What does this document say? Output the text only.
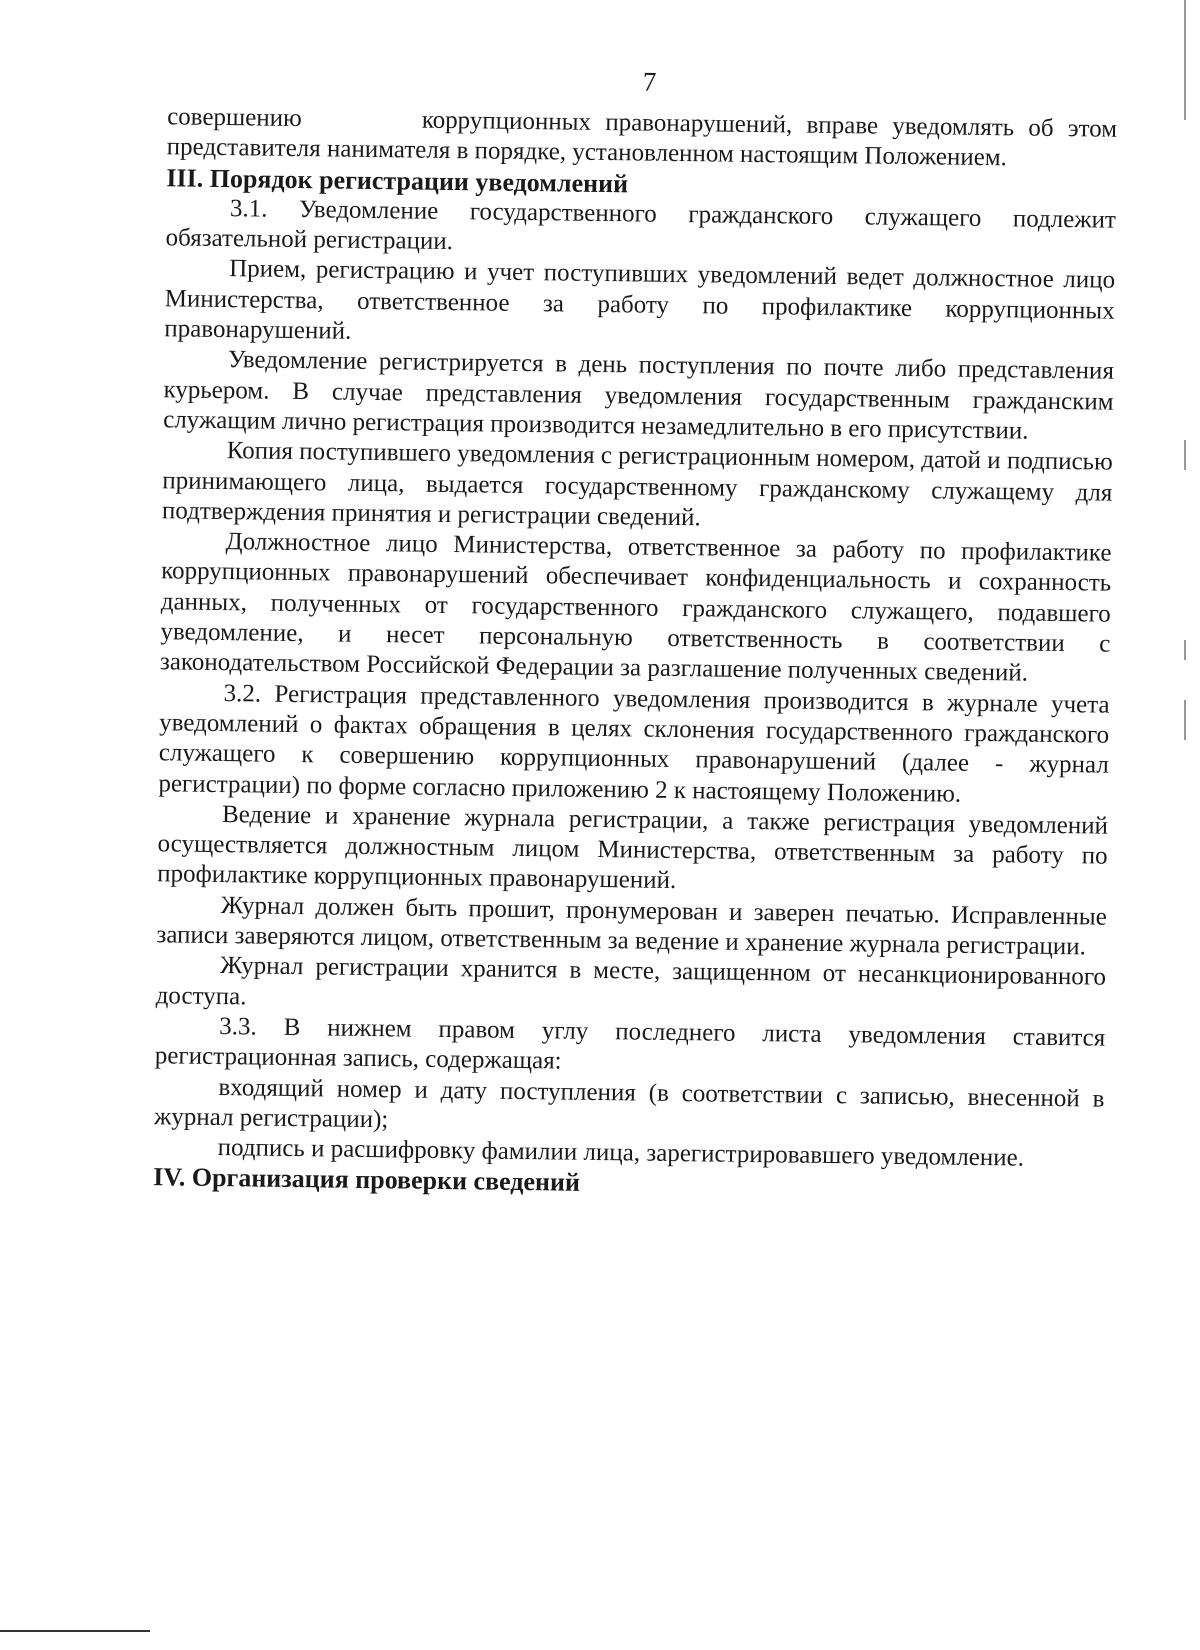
7

совершению	коррупционных правонарушений, вправе уведомлять об этом представителя нанимателя в порядке, установленном настоящим Положением.

III. Порядок регистрации уведомлений

3.1. Уведомление государственного гражданского служащего подлежит обязательной регистрации.

Прием, регистрацию и учет поступивших уведомлений ведет должностное лицо Министерства, ответственное за работу по профилактике коррупционных правонарушений.

Уведомление регистрируется в день поступления по почте либо представления курьером. В случае представления уведомления государственным гражданским служащим лично регистрация производится незамедлительно в его присутствии.

Копия поступившего уведомления с регистрационным номером, датой и подписью принимающего лица, выдается государственному гражданскому служащему для подтверждения принятия и регистрации сведений.

Должностное лицо Министерства, ответственное за работу по профилактике коррупционных правонарушений обеспечивает конфиденциальность и сохранность данных, полученных от государственного гражданского служащего, подавшего уведомление, и несет персональную ответственность в соответствии с законодательством Российской Федерации за разглашение полученных сведений.

3.2. Регистрация представленного уведомления производится в журнале учета уведомлений о фактах обращения в целях склонения государственного гражданского служащего к совершению коррупционных правонарушений (далее - журнал регистрации) по форме согласно приложению 2 к настоящему Положению.

Ведение и хранение журнала регистрации, а также регистрация уведомлений осуществляется должностным лицом Министерства, ответственным за работу по профилактике коррупционных правонарушений.

Журнал должен быть прошит, пронумерован и заверен печатью. Исправленные записи заверяются лицом, ответственным за ведение и хранение журнала регистрации.

Журнал регистрации хранится в месте, защищенном от несанкционированного доступа.

3.3. В нижнем правом углу последнего листа уведомления ставится регистрационная запись, содержащая:

входящий номер и дату поступления (в соответствии с записью, внесенной в журнал регистрации);

подпись и расшифровку фамилии лица, зарегистрировавшего уведомление.

IV. Организация проверки сведений
